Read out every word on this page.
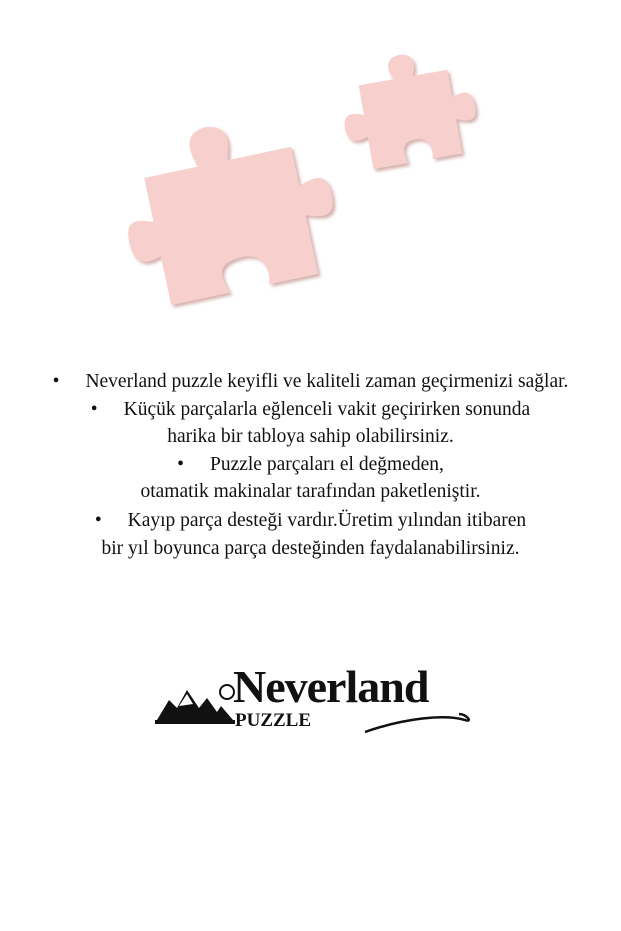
• Neverland puzzle keyifli ve kaliteli zaman geçirmenizi sağlar.
• Küçük parçalarla eğlenceli vakit geçirirken sonunda
harika bir tabloya sahip olabilirsiniz.
• Puzzle parçaları el değmeden,
otamatik makinalar tarafından paketleniştir.
• Kayıp parça desteği vardır.Üretim yılından itibaren
bir yıl boyunca parça desteğinden faydalanabilirsiniz.
Neverland
PUZZLE
